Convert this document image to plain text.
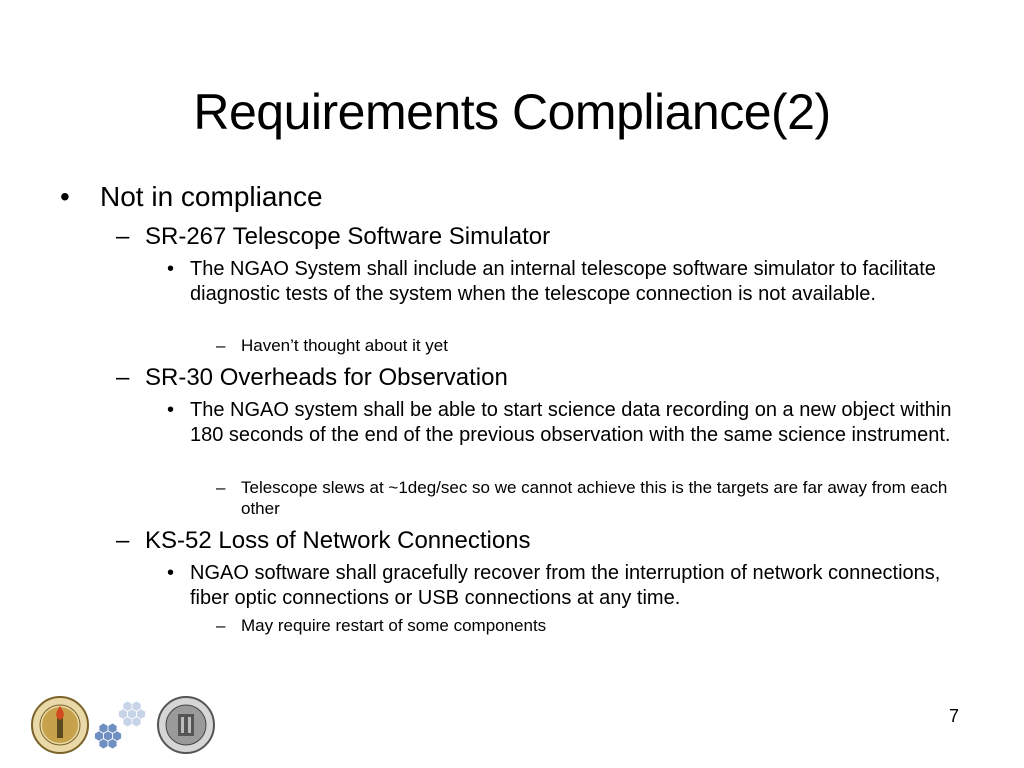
Requirements Compliance(2)
•	Not in compliance
– SR-267 Telescope Software Simulator
• The NGAO System shall include an internal telescope software simulator to facilitate diagnostic tests of the system when the telescope connection is not available.
– Haven’t thought about it yet
– SR-30 Overheads for Observation
• The NGAO system shall be able to start science data recording on a new object within 180 seconds of the end of the previous observation with the same science instrument.
– Telescope slews at ~1deg/sec so we cannot achieve this is the targets are far away from each other
– KS-52 Loss of Network Connections
• NGAO software shall gracefully recover from the interruption of network connections, fiber optic connections or USB connections at any time.
– May require restart of some components
7
